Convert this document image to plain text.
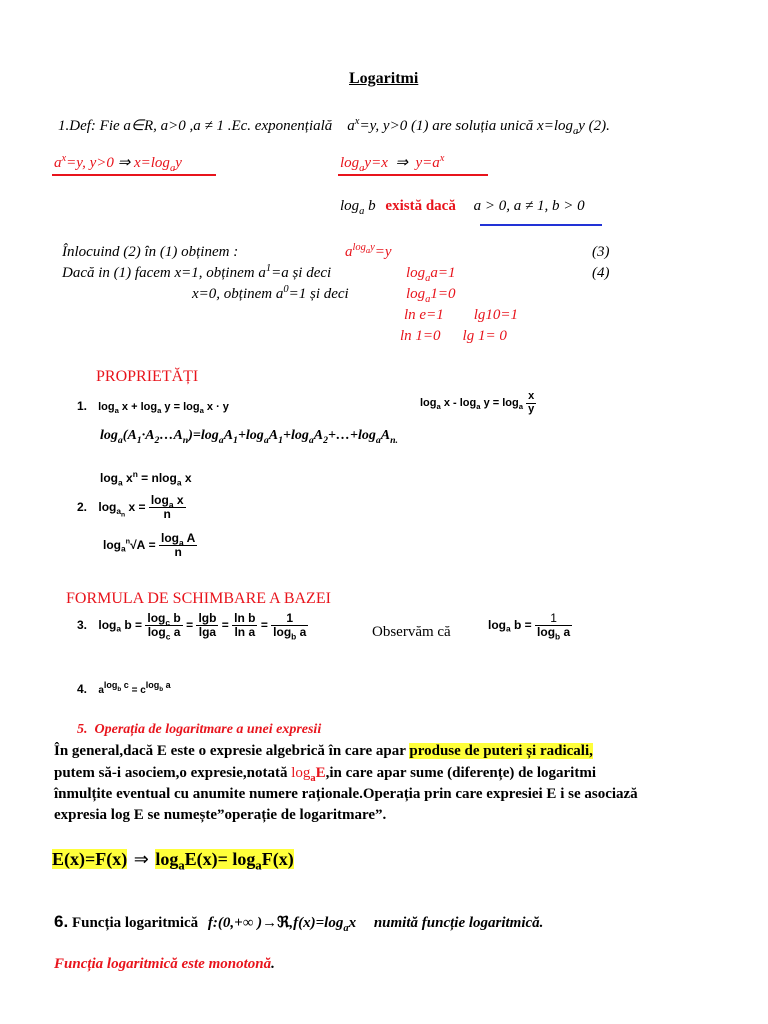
Logaritmi
1.Def: Fie a∈R, a>0 ,a ≠ 1 .Ec. exponențială $a^x=y$, y>0 (1) are soluția unică $x=\log_ay$ (2).
$a^x=y$, y>0 ⇒ $x=\log_ay$	$\log_ay=x$ ⇒ $y=a^x$
$\log_a b$ există dacă a > 0, a ≠ 1, b > 0
Înlocuind (2) în (1) obținem :	$a^{log_ay}=y$	(3)
Dacă in (1) facem x=1, obținem $a^1=a$ și deci	$\log_aa=1$	(4)
x=0, obținem $a^0=1$ și deci	$\log_a1=0$
ln e=1 lg10=1
ln 1=0 lg 1= 0
PROPRIETĂȚI
1. $\log_a x + \log_a y = \log_a x \cdot y$	$\log_a x - \log_a y = \log_a \frac{x}{y}$
$\log_a(A_1\cdot A_2\dots A_n)=\log_aA_1+\log_aA_1+\log_aA_2+\dots+\log_aA_{n.}$
$\log_a x^n = nlog_a$ x
2. $\log_{a_n} x = \frac{\log_a x}{n}$
$\log_a^n√A = \frac{\log_a A}{n}$
FORMULA DE SCHIMBARE A BAZEI
3. $\log_a b = \frac{\log_c b}{\log_c a} = \frac{\lg b}{\lg a} = \frac{\text{ln b}}{\text{ln a}} = \frac{1}{\log_b a}$	Observăm că	$\log_a b = \frac{1}{\log_b a}$
4. $a^{log_b c} = c^{log_b a}$
5. Operația de logaritmare a unei expresii
În general,dacă E este o expresie algebrică în care apar produse de puteri și radicali,
putem să-i asociem,o expresie,notată $\log_aE,in$ care apar sume (diferențe) de logaritmi
înmulțite eventual cu anumite numere raționale.Operația prin care expresiei E i se asociază
expresia log E se numește”operație de logaritmare”.
E(x)=F(x) ⇒ $\log_aE(x)= \log_aF(x)$
6. Funcția logaritmică f:(0,+∞ )$\to ℜ,f(x)=\log_ax$ numită funcție logaritmică.
Funcția logaritmică este monotonă.
